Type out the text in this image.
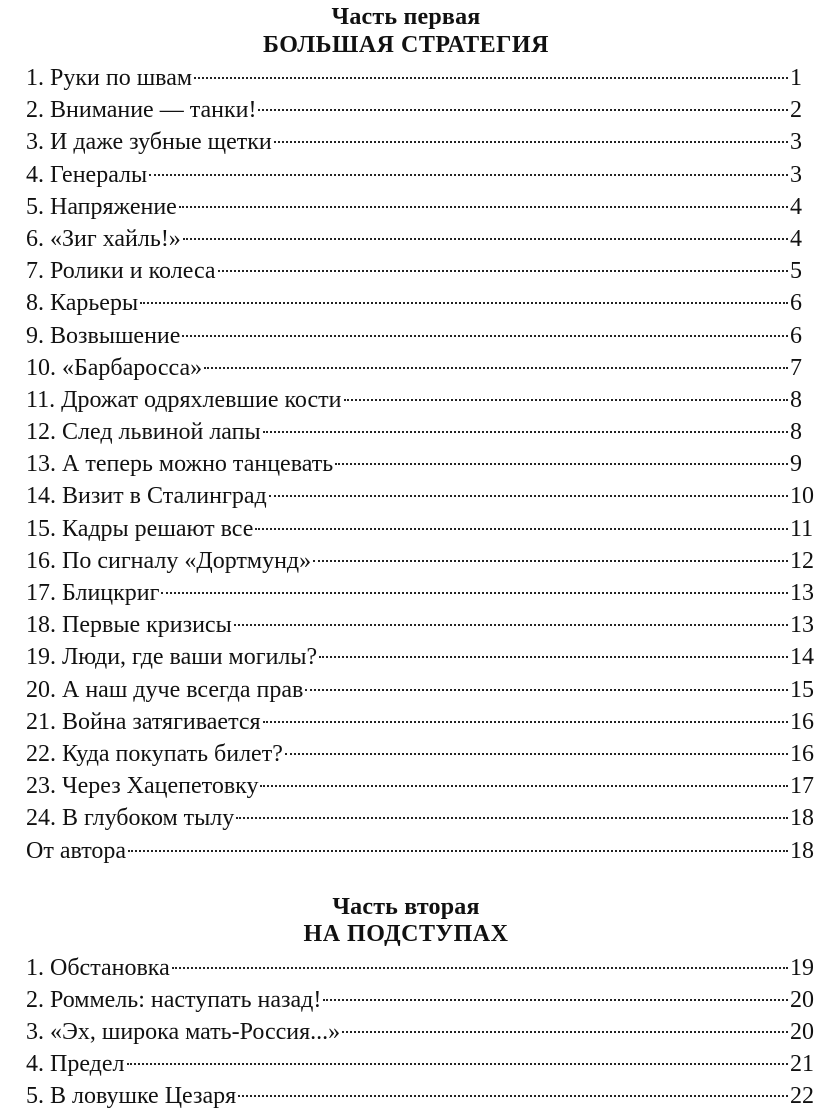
Часть первая
БОЛЬШАЯ СТРАТЕГИЯ
1. Руки по швам	1
2. Внимание — танки!	2
3. И даже зубные щетки	3
4. Генералы	3
5. Напряжение	4
6. «Зиг хайль!»	4
7. Ролики и колеса	5
8. Карьеры	6
9. Возвышение	6
10. «Барбаросса»	7
11. Дрожат одряхлевшие кости	8
12. След львиной лапы	8
13. А теперь можно танцевать	9
14. Визит в Сталинград	10
15. Кадры решают все	11
16. По сигналу «Дортмунд»	12
17. Блицкриг	13
18. Первые кризисы	13
19. Люди, где ваши могилы?	14
20. А наш дуче всегда прав	15
21. Война затягивается	16
22. Куда покупать билет?	16
23. Через Хацепетовку	17
24. В глубоком тылу	18
От автора	18
Часть вторая
НА ПОДСТУПАХ
1. Обстановка	19
2. Роммель: наступать назад!	20
3. «Эх, широка мать-Россия...»	20
4. Предел	21
5. В ловушке Цезаря	22
